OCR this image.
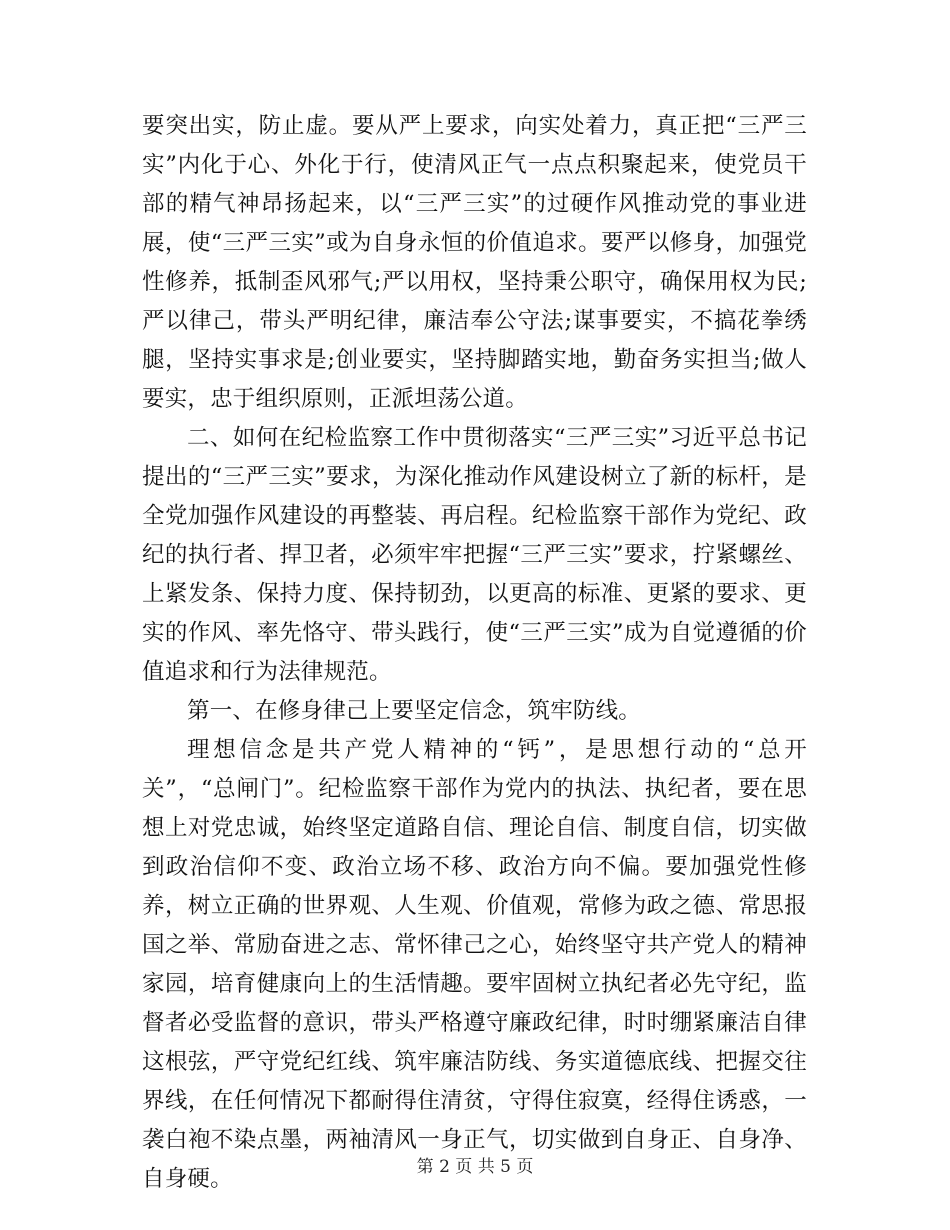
要突出实，防止虚。要从严上要求，向实处着力，真正把“三严三实”内化于心、外化于行，使清风正气一点点积聚起来，使党员干部的精气神昂扬起来，以“三严三实”的过硬作风推动党的事业进展，使“三严三实”或为自身永恒的价值追求。要严以修身，加强党性修养，抵制歪风邪气;严以用权，坚持秉公职守，确保用权为民;严以律己，带头严明纪律，廉洁奉公守法;谋事要实，不搞花拳绣腿，坚持实事求是;创业要实，坚持脚踏实地，勤奋务实担当;做人要实，忠于组织原则，正派坦荡公道。

二、如何在纪检监察工作中贯彻落实“三严三实”习近平总书记提出的“三严三实”要求，为深化推动作风建设树立了新的标杆，是全党加强作风建设的再整装、再启程。纪检监察干部作为党纪、政纪的执行者、捍卫者，必须牢牢把握“三严三实”要求，拧紧螺丝、上紧发条、保持力度、保持韧劲，以更高的标准、更紧的要求、更实的作风、率先恪守、带头践行，使“三严三实”成为自觉遵循的价值追求和行为法律规范。

第一、在修身律己上要坚定信念，筑牢防线。

理想信念是共产党人精神的“钙”，是思想行动的“总开关”，“总闸门”。纪检监察干部作为党内的执法、执纪者，要在思想上对党忠诚，始终坚定道路自信、理论自信、制度自信，切实做到政治信仰不变、政治立场不移、政治方向不偏。要加强党性修养，树立正确的世界观、人生观、价值观，常修为政之德、常思报国之举、常励奋进之志、常怀律己之心，始终坚守共产党人的精神家园，培育健康向上的生活情趣。要牢固树立执纪者必先守纪，监督者必受监督的意识，带头严格遵守廉政纪律，时时绷紧廉洁自律这根弦，严守党纪红线、筑牢廉洁防线、务实道德底线、把握交往界线，在任何情况下都耐得住清贫，守得住寂寞，经得住诱惑，一袭白袍不染点墨，两袖清风一身正气，切实做到自身正、自身净、自身硬。	第 2 页 共 5 页
